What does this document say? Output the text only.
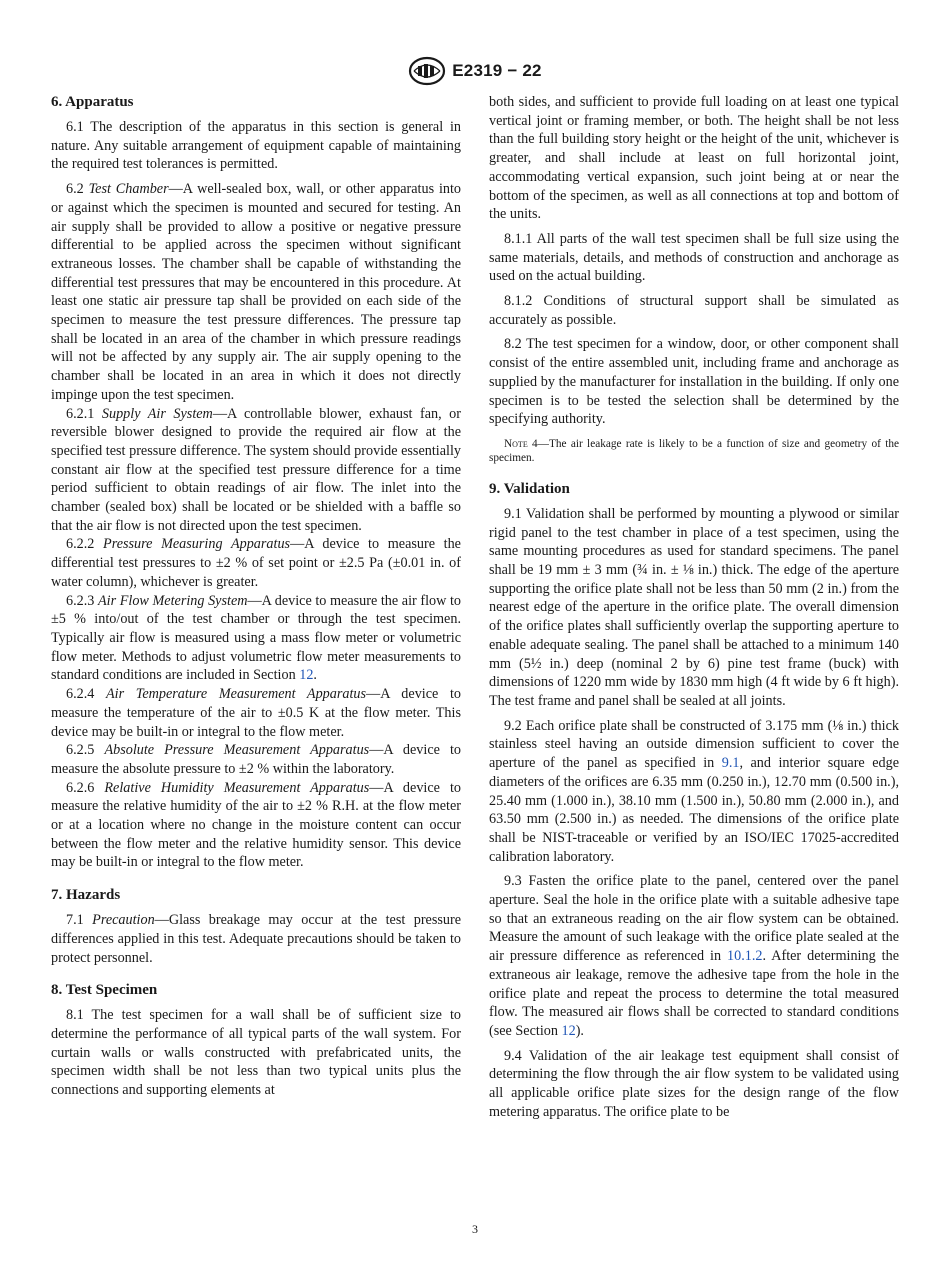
E2319 − 22
6. Apparatus

6.1 The description of the apparatus in this section is general in nature. Any suitable arrangement of equipment capable of maintaining the required test tolerances is permitted.

6.2 Test Chamber—A well-sealed box, wall, or other apparatus into or against which the specimen is mounted and secured for testing. An air supply shall be provided to allow a positive or negative pressure differential to be applied across the specimen without significant extraneous losses. The chamber shall be capable of withstanding the differential test pressures that may be encountered in this procedure. At least one static air pressure tap shall be provided on each side of the specimen to measure the test pressure differences. The pressure tap shall be located in an area of the chamber in which pressure readings will not be affected by any supply air. The air supply opening to the chamber shall be located in an area in which it does not directly impinge upon the test specimen.

6.2.1 Supply Air System—A controllable blower, exhaust fan, or reversible blower designed to provide the required air flow at the specified test pressure difference. The system should provide essentially constant air flow at the specified test pressure difference for a time period sufficient to obtain readings of air flow. The inlet into the chamber (sealed box) shall be located or be shielded with a baffle so that the air flow is not directed upon the test specimen.

6.2.2 Pressure Measuring Apparatus—A device to measure the differential test pressures to ±2 % of set point or ±2.5 Pa (±0.01 in. of water column), whichever is greater.

6.2.3 Air Flow Metering System—A device to measure the air flow to ±5 % into/out of the test chamber or through the test specimen. Typically air flow is measured using a mass flow meter or volumetric flow meter. Methods to adjust volumetric flow meter measurements to standard conditions are included in Section 12.

6.2.4 Air Temperature Measurement Apparatus—A device to measure the temperature of the air to ±0.5 K at the flow meter. This device may be built-in or integral to the flow meter.

6.2.5 Absolute Pressure Measurement Apparatus—A device to measure the absolute pressure to ±2 % within the laboratory.

6.2.6 Relative Humidity Measurement Apparatus—A device to measure the relative humidity of the air to ±2 % R.H. at the flow meter or at a location where no change in the moisture content can occur between the flow meter and the relative humidity sensor. This device may be built-in or integral to the flow meter.

7. Hazards

7.1 Precaution—Glass breakage may occur at the test pressure differences applied in this test. Adequate precautions should be taken to protect personnel.

8. Test Specimen

8.1 The test specimen for a wall shall be of sufficient size to determine the performance of all typical parts of the wall system. For curtain walls or walls constructed with prefabricated units, the specimen width shall be not less than two typical units plus the connections and supporting elements at

both sides, and sufficient to provide full loading on at least one typical vertical joint or framing member, or both. The height shall be not less than the full building story height or the height of the unit, whichever is greater, and shall include at least on full horizontal joint, accommodating vertical expansion, such joint being at or near the bottom of the specimen, as well as all connections at top and bottom of the units.

8.1.1 All parts of the wall test specimen shall be full size using the same materials, details, and methods of construction and anchorage as used on the actual building.

8.1.2 Conditions of structural support shall be simulated as accurately as possible.

8.2 The test specimen for a window, door, or other component shall consist of the entire assembled unit, including frame and anchorage as supplied by the manufacturer for installation in the building. If only one specimen is to be tested the selection shall be determined by the specifying authority.

Note 4—The air leakage rate is likely to be a function of size and geometry of the specimen.
9. Validation

9.1 Validation shall be performed by mounting a plywood or similar rigid panel to the test chamber in place of a test specimen, using the same mounting procedures as used for standard specimens. The panel shall be 19 mm ± 3 mm (¾ in. ± ⅛ in.) thick. The edge of the aperture supporting the orifice plate shall not be less than 50 mm (2 in.) from the nearest edge of the aperture in the orifice plate. The overall dimension of the orifice plates shall sufficiently overlap the supporting aperture to enable adequate sealing. The panel shall be attached to a minimum 140 mm (5½ in.) deep (nominal 2 by 6) pine test frame (buck) with dimensions of 1220 mm wide by 1830 mm high (4 ft wide by 6 ft high). The test frame and panel shall be sealed at all joints.

9.2 Each orifice plate shall be constructed of 3.175 mm (⅛ in.) thick stainless steel having an outside dimension sufficient to cover the aperture of the panel as specified in 9.1, and interior square edge diameters of the orifices are 6.35 mm (0.250 in.), 12.70 mm (0.500 in.), 25.40 mm (1.000 in.), 38.10 mm (1.500 in.), 50.80 mm (2.000 in.), and 63.50 mm (2.500 in.) as needed. The dimensions of the orifice plate shall be NIST-traceable or verified by an ISO/IEC 17025-accredited calibration laboratory.

9.3 Fasten the orifice plate to the panel, centered over the panel aperture. Seal the hole in the orifice plate with a suitable adhesive tape so that an extraneous reading on the air flow system can be obtained. Measure the amount of such leakage with the orifice plate sealed at the air pressure difference as referenced in 10.1.2. After determining the extraneous air leakage, remove the adhesive tape from the hole in the orifice plate and repeat the process to determine the total measured flow. The measured air flows shall be corrected to standard conditions (see Section 12).

9.4 Validation of the air leakage test equipment shall consist of determining the flow through the air flow system to be validated using all applicable orifice plate sizes for the design range of the flow metering apparatus. The orifice plate to be

3
